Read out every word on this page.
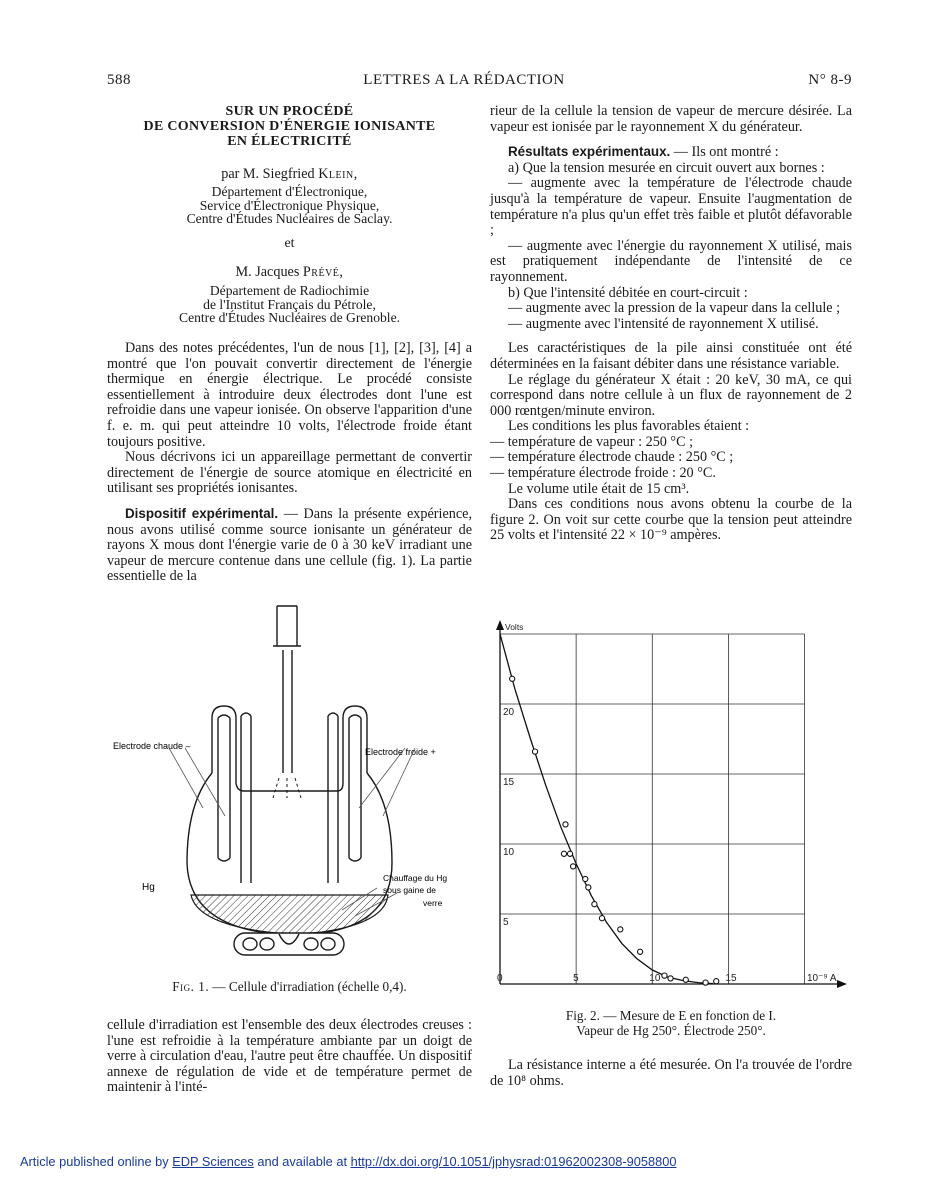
588	LETTRES A LA RÉDACTION	N° 8-9
SUR UN PROCÉDÉ
DE CONVERSION D'ÉNERGIE IONISANTE
EN ÉLECTRICITÉ
par M. Siegfried Klein,
Département d'Électronique,
Service d'Électronique Physique,
Centre d'Études Nucléaires de Saclay.
et
M. Jacques Prévé,
Département de Radiochimie
de l'Institut Français du Pétrole,
Centre d'Études Nucléaires de Grenoble.

Dans des notes précédentes, l'un de nous [1], [2], [3], [4] a montré que l'on pouvait convertir directement de l'énergie thermique en énergie électrique. Le procédé consiste essentiellement à introduire deux électrodes dont l'une est refroidie dans une vapeur ionisée. On observe l'apparition d'une f. e. m. qui peut atteindre 10 volts, l'électrode froide étant toujours positive.

Nous décrivons ici un appareillage permettant de convertir directement de l'énergie de source atomique en électricité en utilisant ses propriétés ionisantes.

Dispositif expérimental. — Dans la présente expérience, nous avons utilisé comme source ionisante un générateur de rayons X mous dont l'énergie varie de 0 à 30 keV irradiant une vapeur de mercure contenue dans une cellule (fig. 1). La partie essentielle de la

Electrode chaude –
Electrode froide +
Hg
Chauffage du Hg
sous gaine de
verre
Fig. 1. — Cellule d'irradiation (échelle 0,4).

cellule d'irradiation est l'ensemble des deux électrodes creuses : l'une est refroidie à la température ambiante par un doigt de verre à circulation d'eau, l'autre peut être chauffée. Un dispositif annexe de régulation de vide et de température permet de maintenir à l'inté-

rieur de la cellule la tension de vapeur de mercure désirée. La vapeur est ionisée par le rayonnement X du générateur.

Résultats expérimentaux. — Ils ont montré :

a) Que la tension mesurée en circuit ouvert aux bornes :

— augmente avec la température de l'électrode chaude jusqu'à la température de vapeur. Ensuite l'augmentation de température n'a plus qu'un effet très faible et plutôt défavorable ;

— augmente avec l'énergie du rayonnement X utilisé, mais est pratiquement indépendante de l'intensité de ce rayonnement.

b) Que l'intensité débitée en court-circuit :

— augmente avec la pression de la vapeur dans la cellule ;

— augmente avec l'intensité de rayonnement X utilisé.

Les caractéristiques de la pile ainsi constituée ont été déterminées en la faisant débiter dans une résistance variable.

Le réglage du générateur X était : 20 keV, 30 mA, ce qui correspond dans notre cellule à un flux de rayonnement de 2 000 rœntgen/minute environ.

Les conditions les plus favorables étaient :

— température de vapeur : 250 °C ;

— température électrode chaude : 250 °C ;

— température électrode froide : 20 °C.

Le volume utile était de 15 cm³.

Dans ces conditions nous avons obtenu la courbe de la figure 2. On voit sur cette courbe que la tension peut atteindre 25 volts et l'intensité 22 × 10⁻⁹ ampères.

0	5	10	15
5
10
15
20
Volts
10⁻⁹ A
Fig. 2. — Mesure de E en fonction de I.
Vapeur de Hg 250°. Électrode 250°.

La résistance interne a été mesurée. On l'a trouvée de l'ordre de 10⁸ ohms.

Article published online by EDP Sciences and available at http://dx.doi.org/10.1051/jphysrad:01962002308-9058800
